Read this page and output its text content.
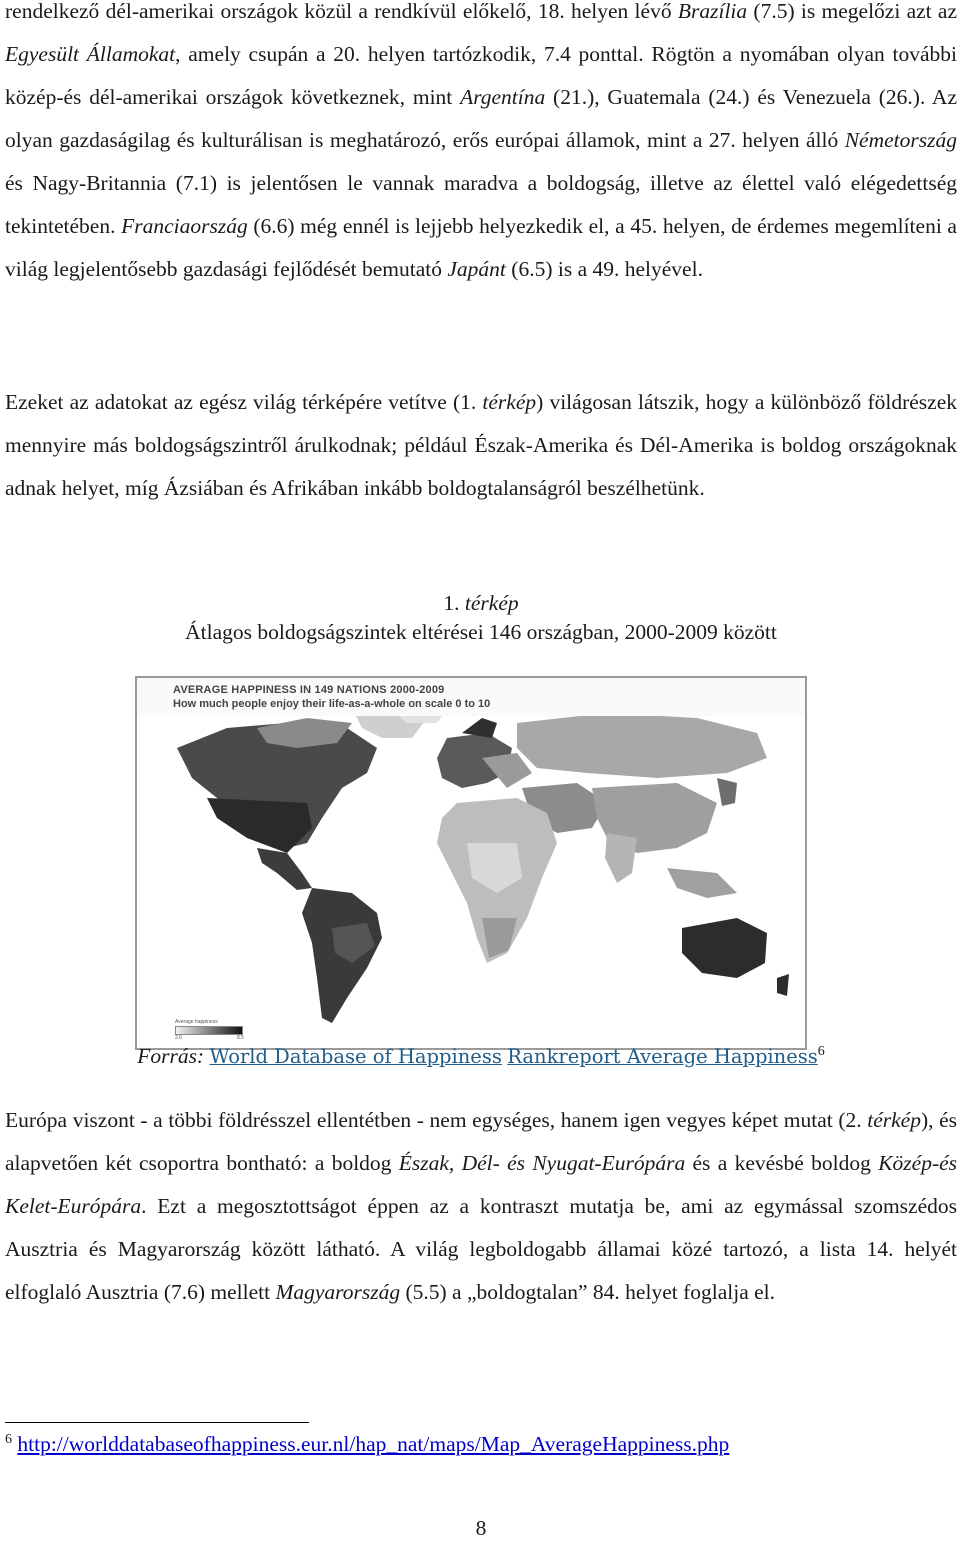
rendelkező dél-amerikai országok közül a rendkívül előkelő, 18. helyen lévő Brazília (7.5) is megelőzi azt az Egyesült Államokat, amely csupán a 20. helyen tartózkodik, 7.4 ponttal. Rögtön a nyomában olyan további közép-és dél-amerikai országok következnek, mint Argentína (21.), Guatemala (24.) és Venezuela (26.). Az olyan gazdaságilag és kulturálisan is meghatározó, erős európai államok, mint a 27. helyen álló Németország és Nagy-Britannia (7.1) is jelentősen le vannak maradva a boldogság, illetve az élettel való elégedettség tekintetében. Franciaország (6.6) még ennél is lejjebb helyezkedik el, a 45. helyen, de érdemes megemlíteni a világ legjelentősebb gazdasági fejlődését bemutató Japánt (6.5) is a 49. helyével.

Ezeket az adatokat az egész világ térképére vetítve (1. térkép) világosan látszik, hogy a különböző földrészek mennyire más boldogságszintről árulkodnak; például Észak-Amerika és Dél-Amerika is boldog országoknak adnak helyet, míg Ázsiában és Afrikában inkább boldogtalanságról beszélhetünk.

1. térkép
Átlagos boldogságszintek eltérései 146 országban, 2000-2009 között
AVERAGE HAPPINESS IN 149 NATIONS 2000-2009
How much people enjoy their life-as-a-whole on scale 0 to 10
Average happiness
2.6	8.5
Forrás: World Database of Happiness Rankreport Average Happiness$^6$

Európa viszont - a többi földrésszel ellentétben - nem egységes, hanem igen vegyes képet mutat (2. térkép), és alapvetően két csoportra bontható: a boldog Észak, Dél- és Nyugat-Európára és a kevésbé boldog Közép-és Kelet-Európára. Ezt a megosztottságot éppen az a kontraszt mutatja be, ami az egymással szomszédos Ausztria és Magyarország között látható. A világ legboldogabb államai közé tartozó, a lista 14. helyét elfoglaló Ausztria (7.6) mellett Magyarország (5.5) a „boldogtalan” 84. helyet foglalja el.

$^6$ http://worlddatabaseofhappiness.eur.nl/hap_nat/maps/Map_AverageHappiness.php
8
